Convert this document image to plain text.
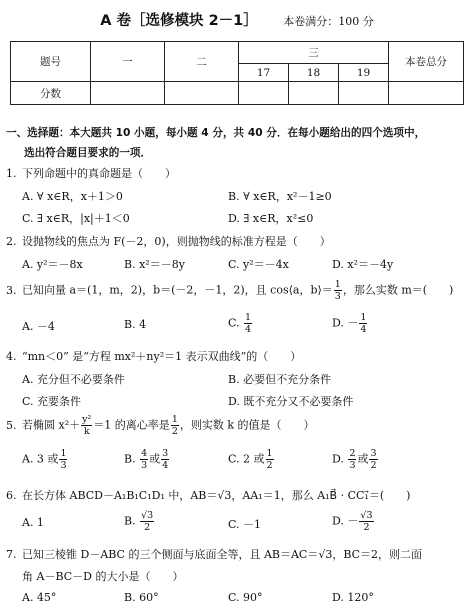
A 卷［选修模块 2－1］ 本卷满分：100 分
题号	一	二	三			本卷总分
			17	18	19	
分数						
一、选择题：本大题共 10 小题，每小题 4 分，共 40 分．在每小题给出的四个选项中，
选出符合题目要求的一项．
1. 下列命题中的真命题是（　　）
A. ∀ x∈R，x＋1＞0	B. ∀ x∈R，x²－1≥0
C. ∃ x∈R，|x|＋1＜0	D. ∃ x∈R，x²≤0
2. 设抛物线的焦点为 F(－2，0)，则抛物线的标准方程是（　　）
A. y²＝－8x	B. x²＝－8y	C. y²＝－4x	D. x²＝－4y
3. 已知向量 a＝(1，m，2)，b＝(－2，－1，2)，且 cos⟨a，b⟩＝ $\frac{1}{3}$ ，那么实数 m＝(　　)
A. －4	B. 4	C. $\frac{1}{4}$	D. － $\frac{1}{4}$
4. “mn＜0” 是“方程 mx²＋ny²＝1 表示双曲线”的（　　）
A. 充分但不必要条件	B. 必要但不充分条件
C. 充要条件	D. 既不充分又不必要条件
5. 若椭圆 $x^2+ \frac{\text{y²}}{k} =1$ 的离心率是 $\frac{1}{2}$ ，则实数 k 的值是（　　）
A. 3 或 $\frac{1}{3}$	B. $\frac{4}{3}$ 或 $\frac{3}{4}$	C. 2 或 $\frac{1}{2}$	D. $\frac{2}{3}$ 或 $\frac{3}{2}$
6. 在长方体 ABCD－A₁B₁C₁D₁ 中，AB＝√3，AA₁＝1，那么 A₁B⃗ · CC₁⃗＝(　　)
A. 1	B. $\frac{√3}{2}$	C. －1	D. － $\frac{√3}{2}$
7. 已知三棱锥 D－ABC 的三个侧面与底面全等，且 AB＝AC＝√3，BC＝2，则二面
角 A－BC－D 的大小是（　　）
A. 45°	B. 60°	C. 90°	D. 120°
